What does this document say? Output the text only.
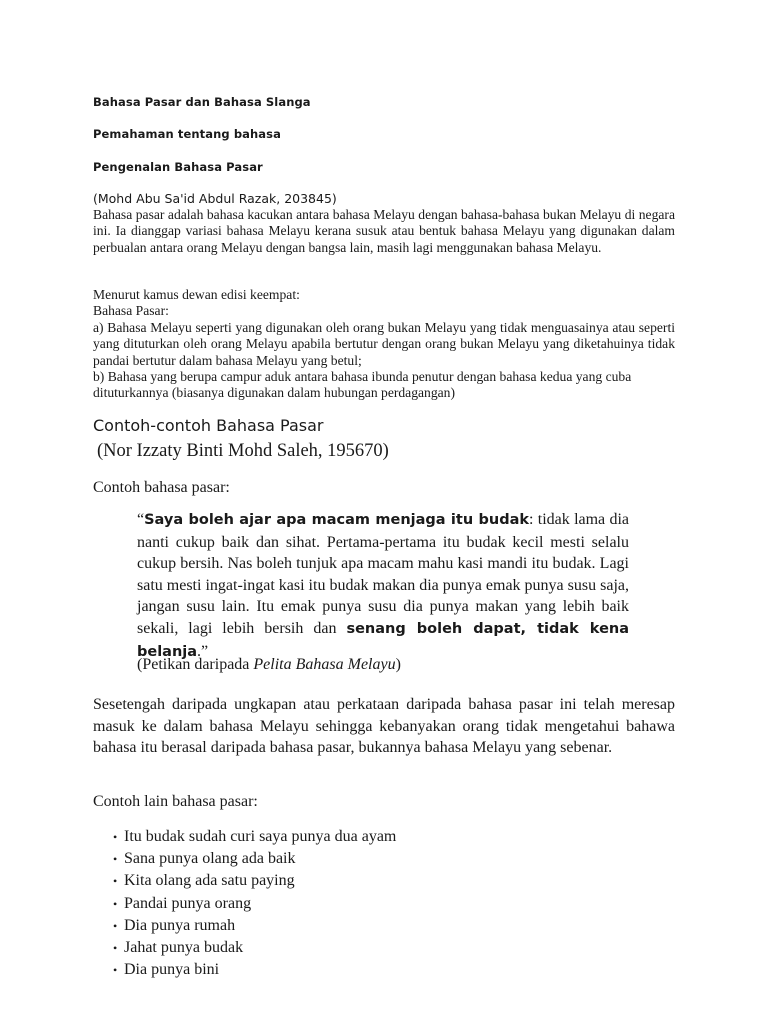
Bahasa Pasar dan Bahasa Slanga
Pemahaman tentang bahasa
Pengenalan Bahasa Pasar
(Mohd Abu Sa'id Abdul Razak, 203845)

Bahasa pasar adalah bahasa kacukan antara bahasa Melayu dengan bahasa-bahasa bukan Melayu di negara ini. Ia dianggap variasi bahasa Melayu kerana susuk atau bentuk bahasa Melayu yang digunakan dalam perbualan antara orang Melayu dengan bangsa lain, masih lagi menggunakan bahasa Melayu.

Menurut kamus dewan edisi keempat:
Bahasa Pasar:
a) Bahasa Melayu seperti yang digunakan oleh orang bukan Melayu yang tidak menguasainya atau seperti yang dituturkan oleh orang Melayu apabila bertutur dengan orang bukan Melayu yang diketahuinya tidak pandai bertutur dalam bahasa Melayu yang betul;
b) Bahasa yang berupa campur aduk antara bahasa ibunda penutur dengan bahasa kedua yang cuba dituturkannya (biasanya digunakan dalam hubungan perdagangan)
Contoh-contoh Bahasa Pasar
(Nor Izzaty Binti Mohd Saleh, 195670)

Contoh bahasa pasar:

“Saya boleh ajar apa macam menjaga itu budak: tidak lama dia nanti cukup baik dan sihat. Pertama-pertama itu budak kecil mesti selalu cukup bersih. Nas boleh tunjuk apa macam mahu kasi mandi itu budak. Lagi satu mesti ingat-ingat kasi itu budak makan dia punya emak punya susu saja, jangan susu lain. Itu emak punya susu dia punya makan yang lebih baik sekali, lagi lebih bersih dan senang boleh dapat, tidak kena belanja.”

(Petikan daripada Pelita Bahasa Melayu)

Sesetengah daripada ungkapan atau perkataan daripada bahasa pasar ini telah meresap masuk ke dalam bahasa Melayu sehingga kebanyakan orang tidak mengetahui bahawa bahasa itu berasal daripada bahasa pasar, bukannya bahasa Melayu yang sebenar.

Contoh lain bahasa pasar:

• Itu budak sudah curi saya punya dua ayam
• Sana punya olang ada baik
• Kita olang ada satu paying
• Pandai punya orang
• Dia punya rumah
• Jahat punya budak
• Dia punya bini
